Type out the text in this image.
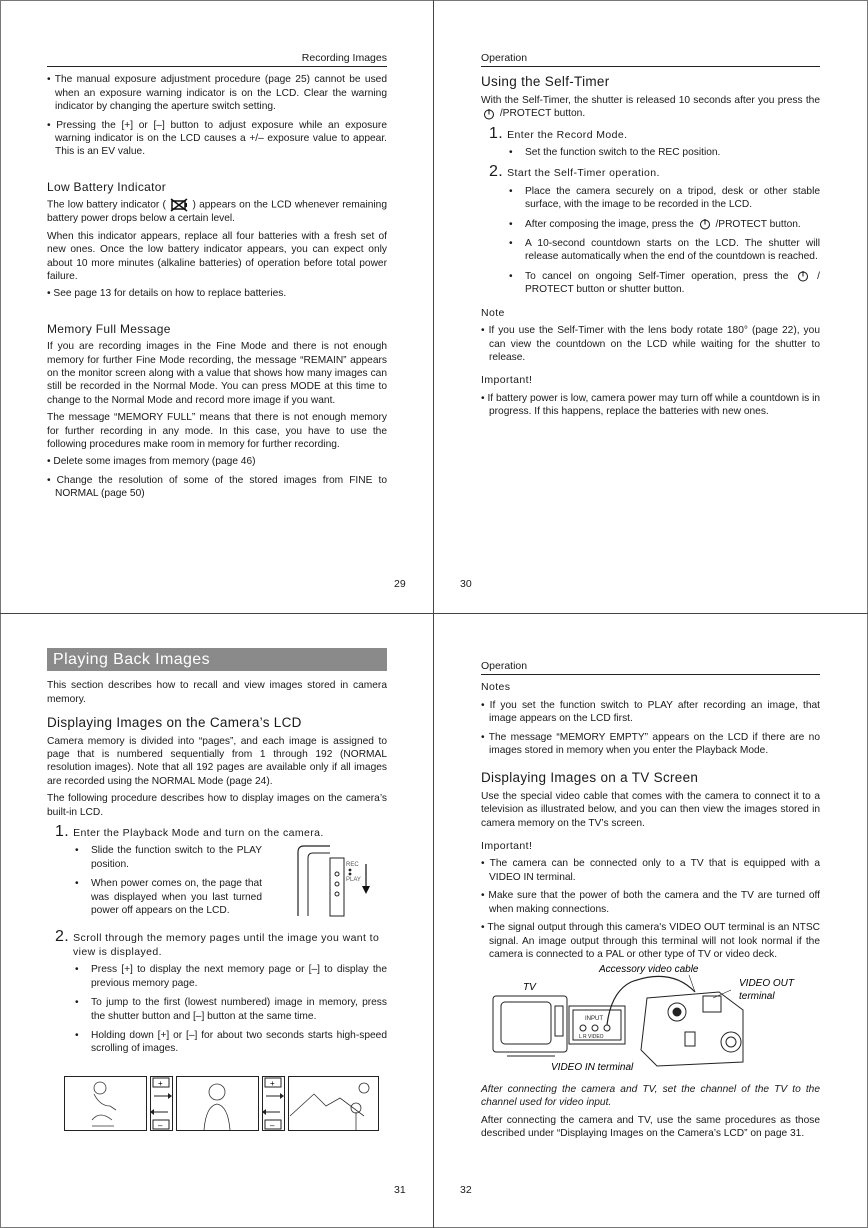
Recording Images
• The manual exposure adjustment procedure (page 25) cannot be used when an exposure warning indicator is on the LCD. Clear the warning indicator by changing the aperture switch setting.
• Pressing the [+] or [–] button to adjust exposure while an exposure warning indicator is on the LCD causes a +/– exposure value to appear. This is an EV value.
Low Battery Indicator

The low battery indicator (	) appears on the LCD whenever remaining battery power drops below a certain level.

When this indicator appears, replace all four batteries with a fresh set of new ones. Once the low battery indicator appears, you can expect only about 10 more minutes (alkaline batteries) of operation before total power failure.

• See page 13 for details on how to replace batteries.
Memory Full Message

If you are recording images in the Fine Mode and there is not enough memory for further Fine Mode recording, the message “REMAIN” appears on the monitor screen along with a value that shows how many images can still be recorded in the Normal Mode. You can press MODE at this time to change to the Normal Mode and record more image if you want.

The message “MEMORY FULL” means that there is not enough memory for further recording in any mode. In this case, you have to use the following procedures make room in memory for further recording.

• Delete some images from memory (page 46)
• Change the resolution of some of the stored images from FINE to NORMAL (page 50)
29
Operation
Using the Self-Timer

With the Self-Timer, the shutter is released 10 seconds after you press the  /PROTECT button.

1. Enter the Record Mode.
• Set the function switch to the REC position.
2. Start the Self-Timer operation.
• Place the camera securely on a tripod, desk or other stable surface, with the image to be recorded in the LCD.
• After composing the image, press the /PROTECT button.
• A 10-second countdown starts on the LCD. The shutter will release automatically when the end of the countdown is reached.
• To cancel on ongoing Self-Timer operation, press the	/ PROTECT button or shutter button.
Note
• If you use the Self-Timer with the lens body rotate 180° (page 22), you can view the countdown on the LCD while waiting for the shutter to release.
Important!
• If battery power is low, camera power may turn off while a countdown is in progress. If this happens, replace the batteries with new ones.
30
Playing Back Images

This section describes how to recall and view images stored in camera memory.

Displaying Images on the Camera’s LCD

Camera memory is divided into “pages”, and each image is assigned to page that is numbered sequentially from 1 through 192 (NORMAL resolution images). Note that all 192 pages are available only if all images are recorded using the NORMAL Mode (page 24).

The following procedure describes how to display images on the camera’s built-in LCD.

1. Enter the Playback Mode and turn on the camera.
• Slide the function switch to the PLAY position.
• When power comes on, the page that was displayed when you last turned power off appears on the LCD.
REC
PLAY
2. Scroll through the memory pages until the image you want to view is displayed.
• Press [+] to display the next memory page or [–] to display the previous memory page.
• To jump to the first (lowest numbered) image in memory, press the shutter button and [–] button at the same time.
• Holding down [+] or [–] for about two seconds starts high-speed scrolling of images.
+
–
+
–
31
Operation
Notes
• If you set the function switch to PLAY after recording an image, that image appears on the LCD first.
• The message “MEMORY EMPTY” appears on the LCD if there are no images stored in memory when you enter the Playback Mode.
Displaying Images on a TV Screen

Use the special video cable that comes with the camera to connect it to a television as illustrated below, and you can then view the images stored in camera memory on the TV’s screen.

Important!
• The camera can be connected only to a TV that is equipped with a VIDEO IN terminal.
• Make sure that the power of both the camera and the TV are turned off when making connections.
• The signal output through this camera's VIDEO OUT terminal is an NTSC signal. An image output through this terminal will not look normal if the camera is connected to a PAL or other type of TV or video deck.
Accessory video cable
TV	VIDEO OUT
terminal
INPUT
L R VIDEO
VIDEO IN terminal

After connecting the camera and TV, set the channel of the TV to the channel used for video input.

After connecting the camera and TV, use the same procedures as those described under “Displaying Images on the Camera’s LCD” on page 31.

32
